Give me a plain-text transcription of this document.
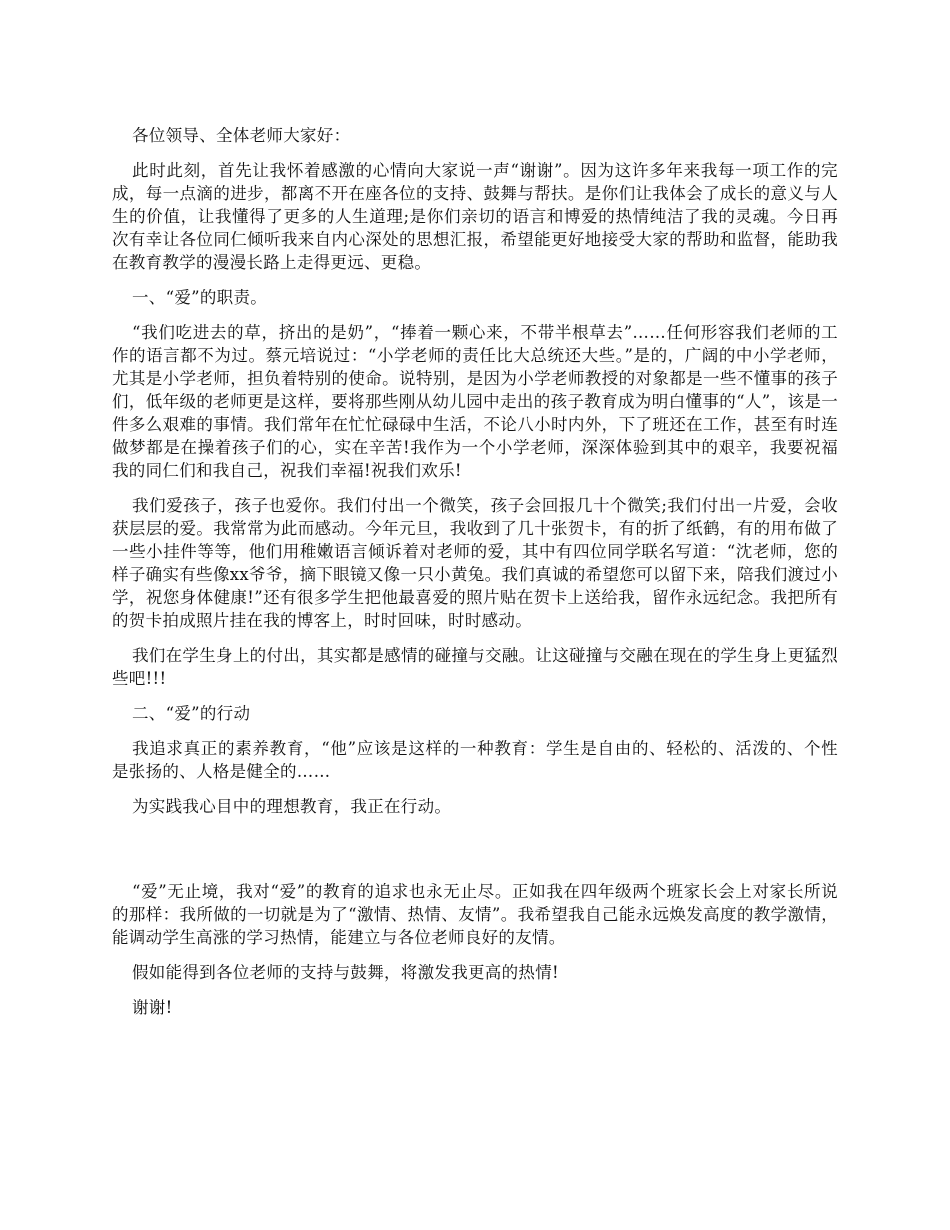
各位领导、全体老师大家好：

此时此刻，首先让我怀着感激的心情向大家说一声“谢谢”。因为这许多年来我每一项工作的完成，每一点滴的进步，都离不开在座各位的支持、鼓舞与帮扶。是你们让我体会了成长的意义与人生的价值，让我懂得了更多的人生道理;是你们亲切的语言和博爱的热情纯洁了我的灵魂。今日再次有幸让各位同仁倾听我来自内心深处的思想汇报，希望能更好地接受大家的帮助和监督，能助我在教育教学的漫漫长路上走得更远、更稳。

一、“爱”的职责。

“我们吃进去的草，挤出的是奶”，“捧着一颗心来，不带半根草去”……任何形容我们老师的工作的语言都不为过。蔡元培说过：“小学老师的责任比大总统还大些。”是的，广阔的中小学老师，尤其是小学老师，担负着特别的使命。说特别，是因为小学老师教授的对象都是一些不懂事的孩子们，低年级的老师更是这样，要将那些刚从幼儿园中走出的孩子教育成为明白懂事的“人”，该是一件多么艰难的事情。我们常年在忙忙碌碌中生活，不论八小时内外，下了班还在工作，甚至有时连做梦都是在操着孩子们的心，实在辛苦!我作为一个小学老师，深深体验到其中的艰辛，我要祝福我的同仁们和我自己，祝我们幸福!祝我们欢乐!

我们爱孩子，孩子也爱你。我们付出一个微笑，孩子会回报几十个微笑;我们付出一片爱，会收获层层的爱。我常常为此而感动。今年元旦，我收到了几十张贺卡，有的折了纸鹤，有的用布做了一些小挂件等等，他们用稚嫩语言倾诉着对老师的爱，其中有四位同学联名写道：“沈老师，您的样子确实有些像xx爷爷，摘下眼镜又像一只小黄兔。我们真诚的希望您可以留下来，陪我们渡过小学，祝您身体健康!”还有很多学生把他最喜爱的照片贴在贺卡上送给我，留作永远纪念。我把所有的贺卡拍成照片挂在我的博客上，时时回味，时时感动。

我们在学生身上的付出，其实都是感情的碰撞与交融。让这碰撞与交融在现在的学生身上更猛烈些吧!!!

二、“爱”的行动

我追求真正的素养教育，“他”应该是这样的一种教育：学生是自由的、轻松的、活泼的、个性是张扬的、人格是健全的……

为实践我心目中的理想教育，我正在行动。

“爱”无止境，我对“爱”的教育的追求也永无止尽。正如我在四年级两个班家长会上对家长所说的那样：我所做的一切就是为了“激情、热情、友情”。我希望我自己能永远焕发高度的教学激情，能调动学生高涨的学习热情，能建立与各位老师良好的友情。

假如能得到各位老师的支持与鼓舞，将激发我更高的热情!

谢谢!
